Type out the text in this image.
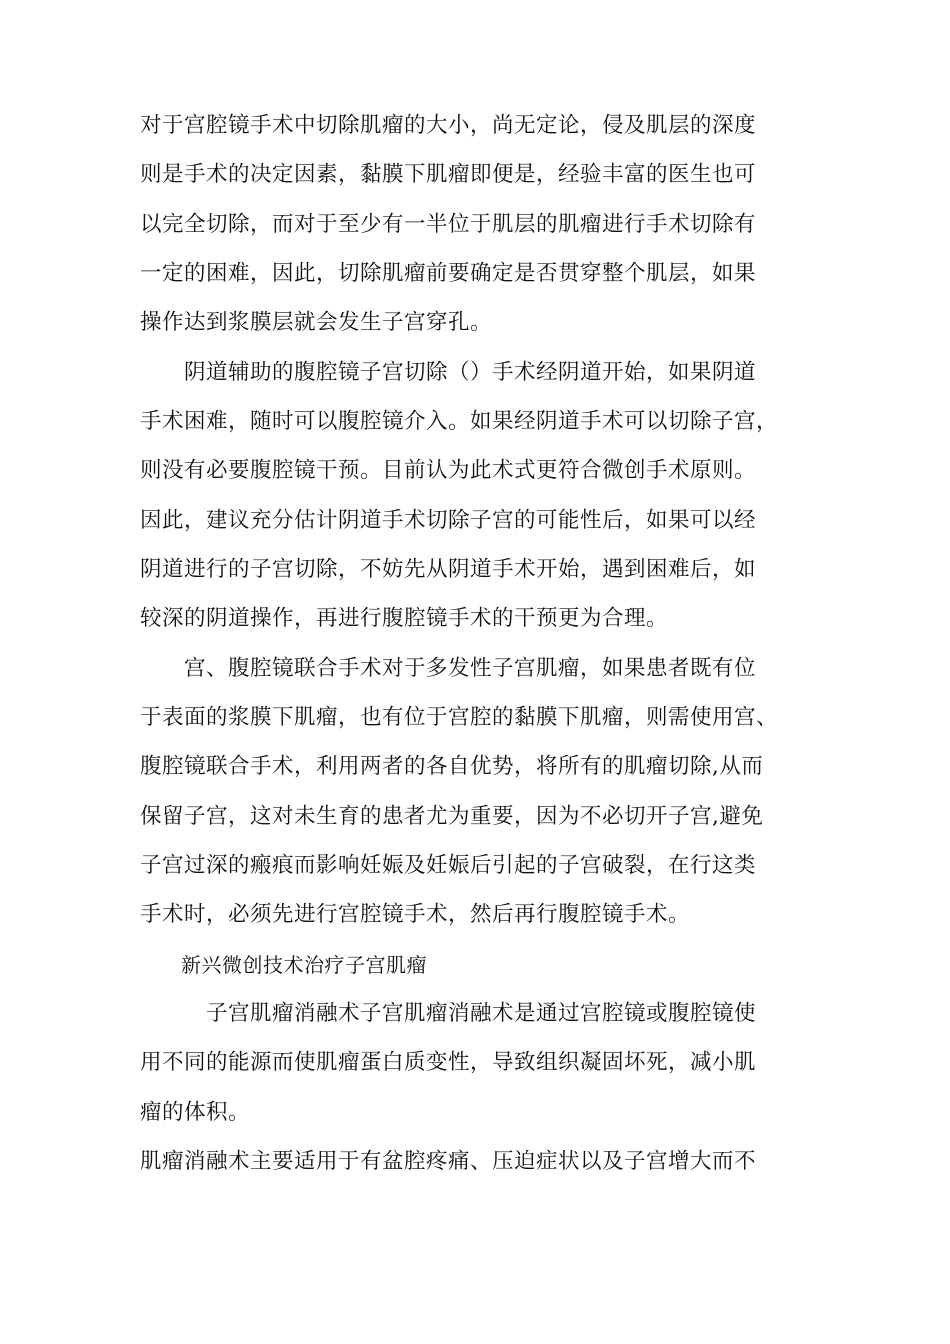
对于宫腔镜手术中切除肌瘤的大小，尚无定论，侵及肌层的深度
则是手术的决定因素，黏膜下肌瘤即便是，经验丰富的医生也可
以完全切除，而对于至少有一半位于肌层的肌瘤进行手术切除有
一定的困难，因此，切除肌瘤前要确定是否贯穿整个肌层，如果
操作达到浆膜层就会发生子宫穿孔。
　　阴道辅助的腹腔镜子宫切除（）手术经阴道开始，如果阴道
手术困难，随时可以腹腔镜介入。如果经阴道手术可以切除子宫，
则没有必要腹腔镜干预。目前认为此术式更符合微创手术原则。
因此，建议充分估计阴道手术切除子宫的可能性后，如果可以经
阴道进行的子宫切除，不妨先从阴道手术开始，遇到困难后，如
较深的阴道操作，再进行腹腔镜手术的干预更为合理。
　　宫、腹腔镜联合手术对于多发性子宫肌瘤，如果患者既有位
于表面的浆膜下肌瘤，也有位于宫腔的黏膜下肌瘤，则需使用宫、
腹腔镜联合手术，利用两者的各自优势，将所有的肌瘤切除,从而
保留子宫，这对未生育的患者尤为重要，因为不必切开子宫,避免
子宫过深的瘢痕而影响妊娠及妊娠后引起的子宫破裂，在行这类
手术时，必须先进行宫腔镜手术，然后再行腹腔镜手术。
　　新兴微创技术治疗子宫肌瘤
　　　子宫肌瘤消融术子宫肌瘤消融术是通过宫腔镜或腹腔镜使
用不同的能源而使肌瘤蛋白质变性，导致组织凝固坏死，减小肌
瘤的体积。
肌瘤消融术主要适用于有盆腔疼痛、压迫症状以及子宫增大而不
